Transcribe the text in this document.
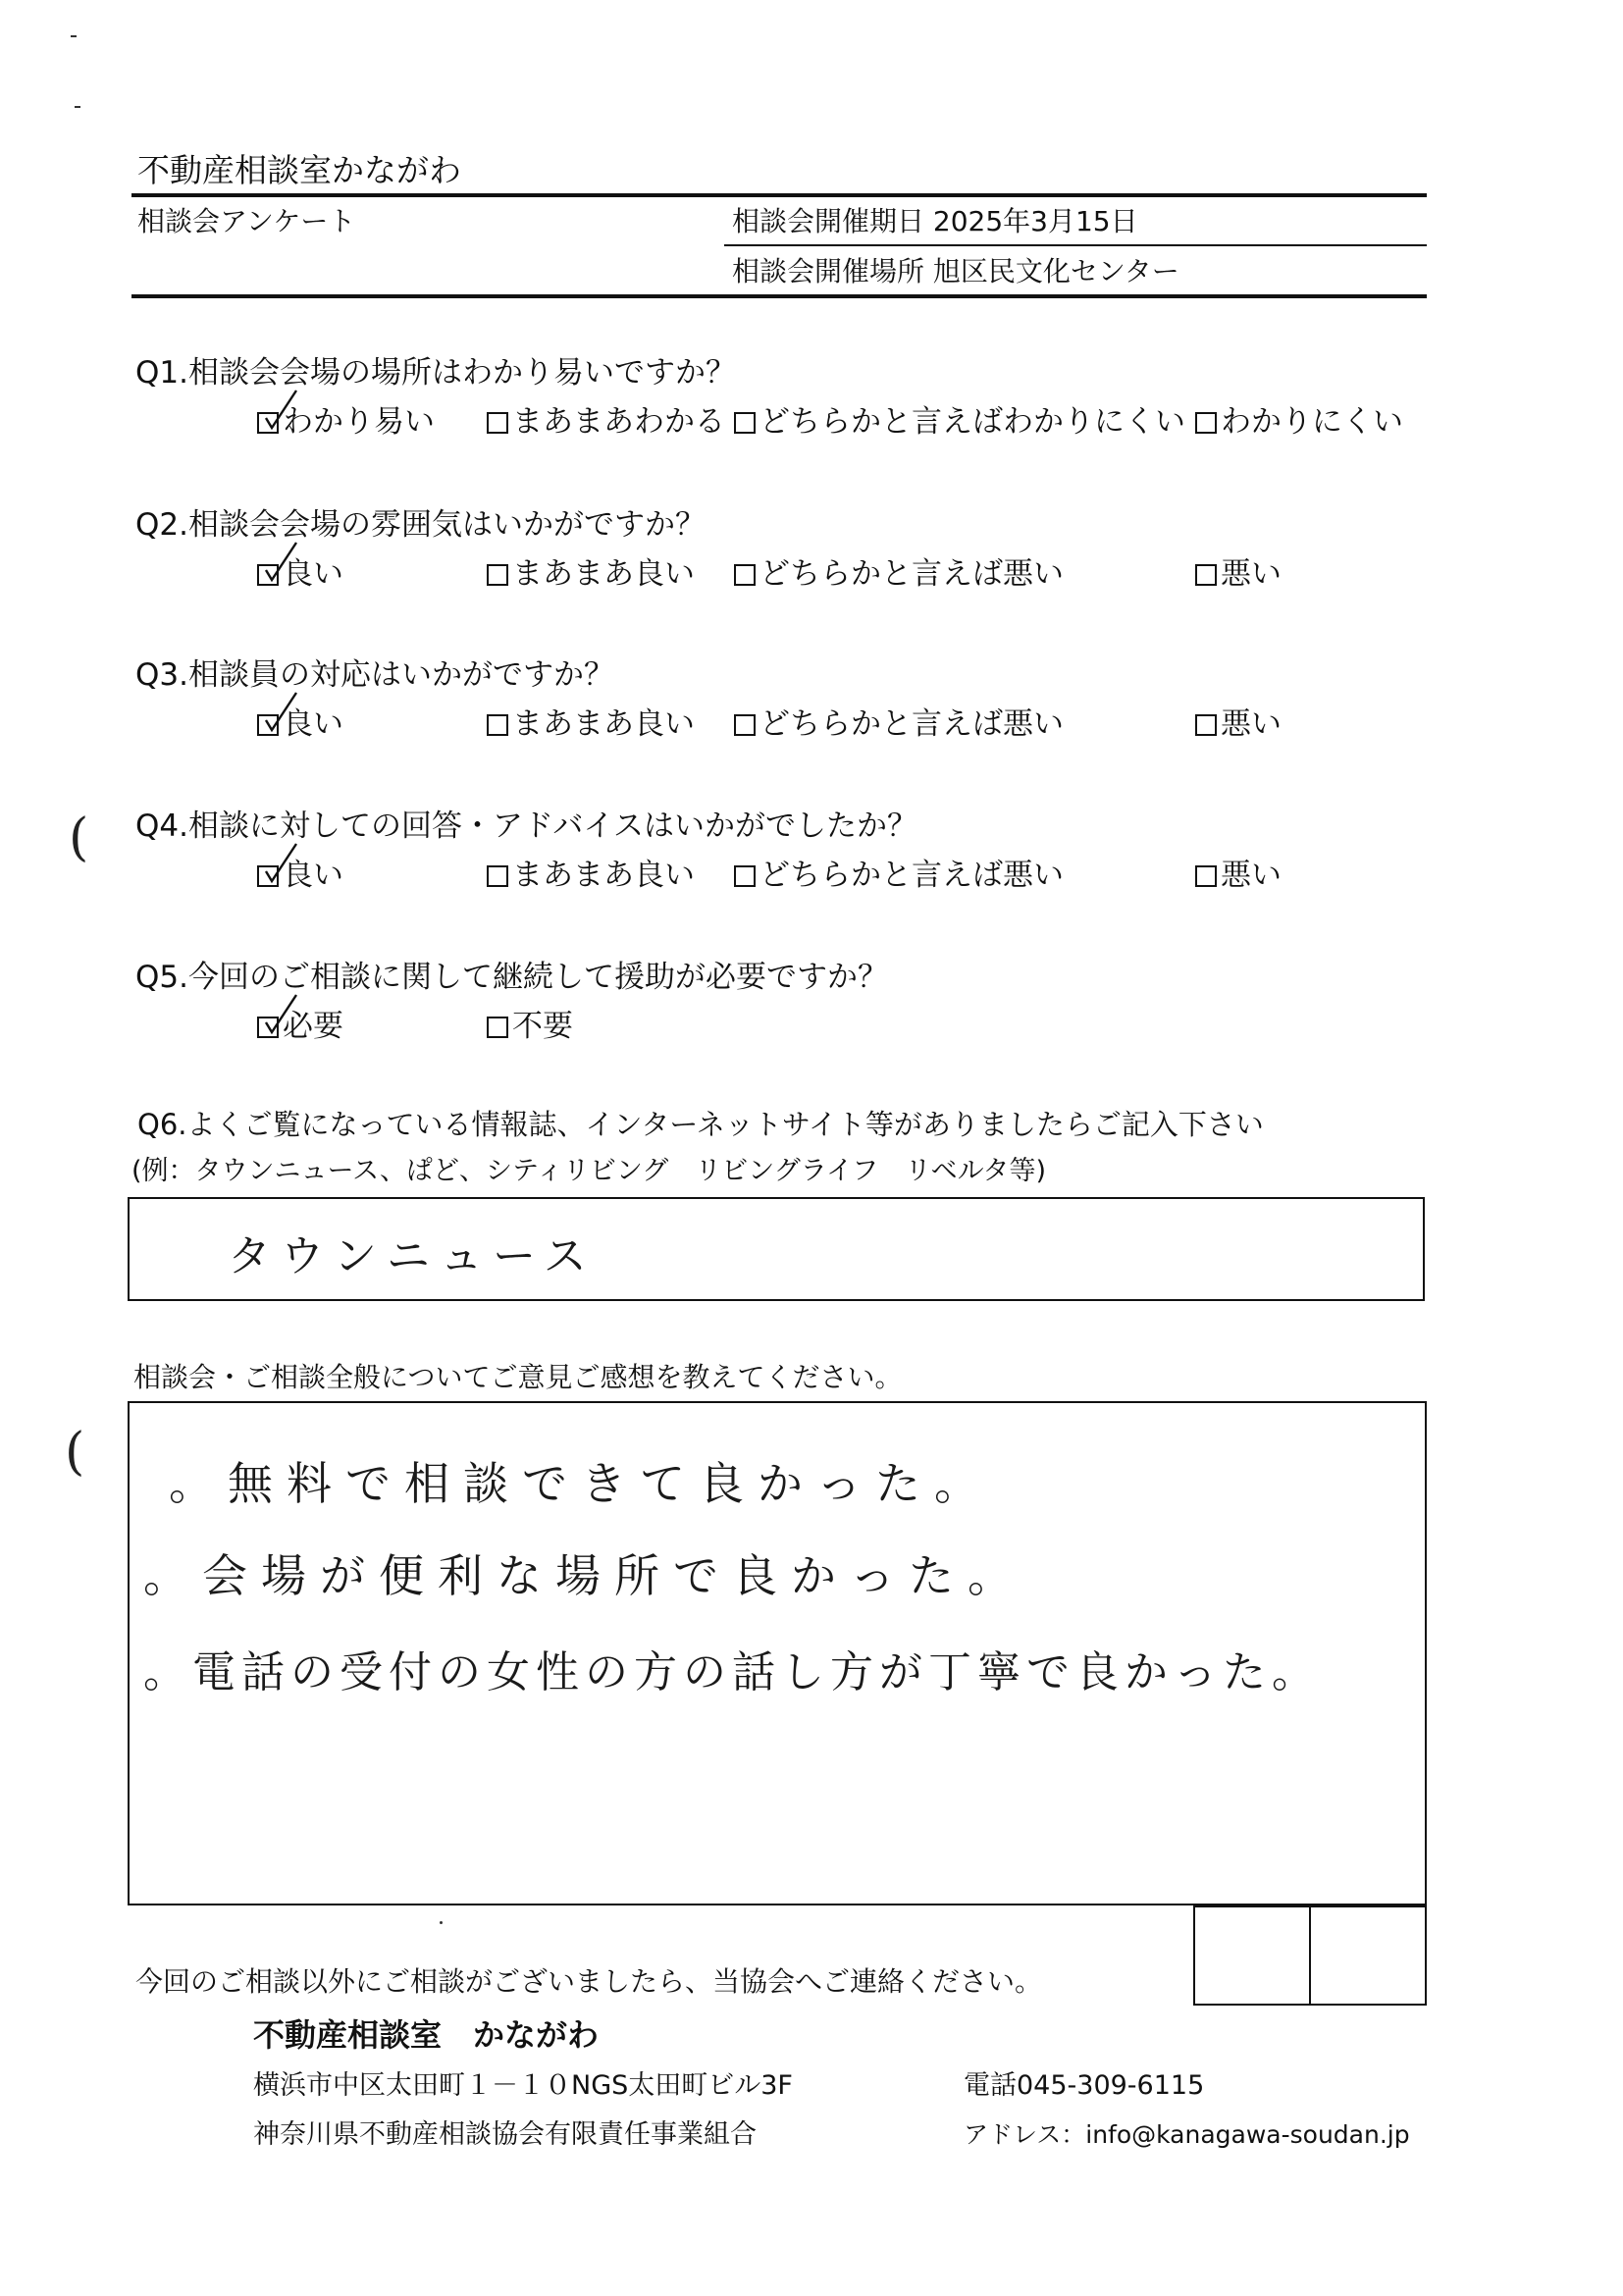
不動産相談室かながわ
相談会アンケート	相談会開催期日 2025年3月15日
相談会開催場所 旭区民文化センター
Q1.相談会会場の場所はわかり易いですか？
わかり易い	まあまあわかる	どちらかと言えばわかりにくい	わかりにくい
Q2.相談会会場の雰囲気はいかがですか？
良い	まあまあ良い	どちらかと言えば悪い	悪い
Q3.相談員の対応はいかがですか？
良い	まあまあ良い	どちらかと言えば悪い	悪い
Q4.相談に対しての回答・アドバイスはいかがでしたか？
良い	まあまあ良い	どちらかと言えば悪い	悪い
Q5.今回のご相談に関して継続して援助が必要ですか？
必要	不要
(
(
Q6.よくご覧になっている情報誌、インターネットサイト等がありましたらご記入下さい
(例：タウンニュース、ぱど、シティリビング　リビングライフ　リベルタ等)
タウンニュース
相談会・ご相談全般についてご意見ご感想を教えてください。
。無料で相談できて良かった。
。会場が便利な場所で良かった。
。電話の受付の女性の方の話し方が丁寧で良かった。
今回のご相談以外にご相談がございましたら、当協会へご連絡ください。
不動産相談室　かながわ
横浜市中区太田町１－１０NGS太田町ビル3F	電話045-309-6115
神奈川県不動産相談協会有限責任事業組合	アドレス：info@kanagawa-soudan.jp
